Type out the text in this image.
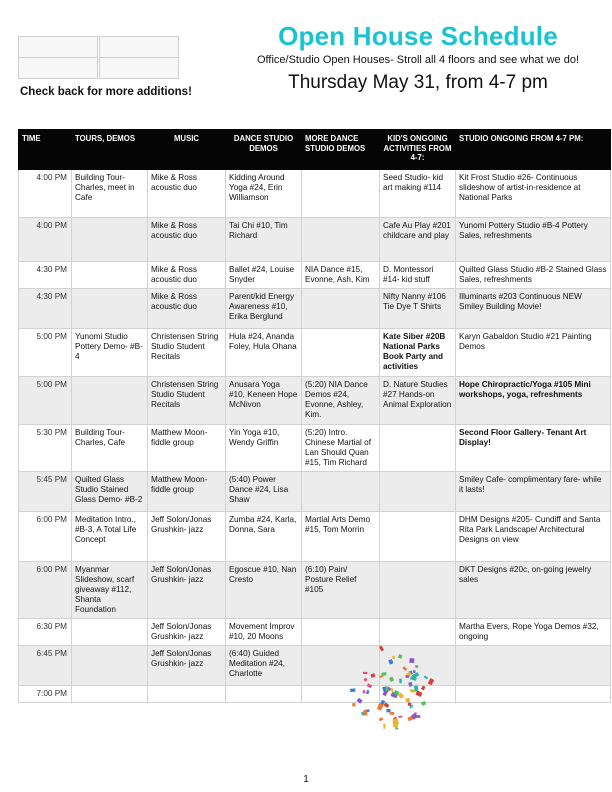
Check back for more additions!
Open House Schedule
Office/Studio Open Houses- Stroll all 4 floors and see what we do!
Thursday May 31, from 4-7 pm
TIME	TOURS, DEMOS	MUSIC	DANCE STUDIO DEMOS	MORE DANCE STUDIO DEMOS	KID'S ONGOING ACTIVITIES FROM 4-7:	STUDIO ONGOING FROM 4-7 PM:
4:00 PM	Building Tour- Charles, meet in Cafe	Mike & Ross acoustic duo	Kidding Around Yoga #24, Erin Williamson		Seed Studio- kid art making #114	Kit Frost Studio #26- Continuous slideshow of artist-in-residence at National Parks
4:00 PM		Mike & Ross acoustic duo	Tai Chi #10, Tim Richard		Cafe Au Play #201 childcare and play	Yunomi Pottery Studio #B-4 Pottery Sales, refreshments
4:30 PM		Mike & Ross acoustic duo	Ballet #24, Louise Snyder	NIA Dance #15, Evonne, Ash, Kim	D. Montessori #14- kid stuff	Quilted Glass Studio #B-2 Stained Glass Sales, refreshments
4:30 PM		Mike & Ross acoustic duo	Parent/kid Energy Awareness #10, Erika Berglund		Nifty Nanny #106 Tie Dye T Shirts	Illuminarts #203 Continuous NEW Smiley Building Movie!
5:00 PM	Yunomi Studio Pottery Demo- #B-4	Christensen String Studio Student Recitals	Hula #24, Ananda Foley, Hula Ohana		Kate Siber #20B National Parks Book Party and activities	Karyn Gabaldon Studio #21 Painting Demos
5:00 PM		Christensen String Studio Student Recitals	Anusara Yoga #10, Keneen Hope McNivon	(5:20) NIA Dance Demos #24, Evonne, Ashley, Kim.	D. Nature Studies #27 Hands-on Animal Exploration	Hope Chiropractic/Yoga #105 Mini workshops, yoga, refreshments
5:30 PM	Building Tour- Charles, Cafe	Matthew Moon- fiddle group	Yin Yoga #10, Wendy Griffin	(5:20) Intro. Chinese Martial of Lan Should Quan #15, Tim Richard		Second Floor Gallery- Tenant Art Display!
5:45 PM	Quilted Glass Studio Stained Glass Demo- #B-2	Matthew Moon- fiddle group	(5:40) Power Dance #24, Lisa Shaw			Smiley Cafe- complimentary fare- while it lasts!
6:00 PM	Meditation Intro., #B-3, A Total Life Concept	Jeff Solon/Jonas Grushkin- jazz	Zumba #24, Karla, Donna, Sara	Martial Arts Demo #15, Tom Morrin		DHM Designs #205- Cundiff and Santa Rita Park Landscape/ Architectural Designs on view
6:00 PM	Myanmar Slideshow, scarf giveaway #112, Shanta Foundation	Jeff Solon/Jonas Grushkin- jazz	Egoscue #10, Nan Cresto	(6:10) Pain/ Posture Relief #105		DKT Designs #20c, on-going jewelry sales
6:30 PM		Jeff Solon/Jonas Grushkin- jazz	Movement Improv #10, 20 Moons			Martha Evers, Rope Yoga Demos #32, ongoing
6:45 PM		Jeff Solon/Jonas Grushkin- jazz	(6:40) Guided Meditation #24, Charlotte			
7:00 PM						
1
